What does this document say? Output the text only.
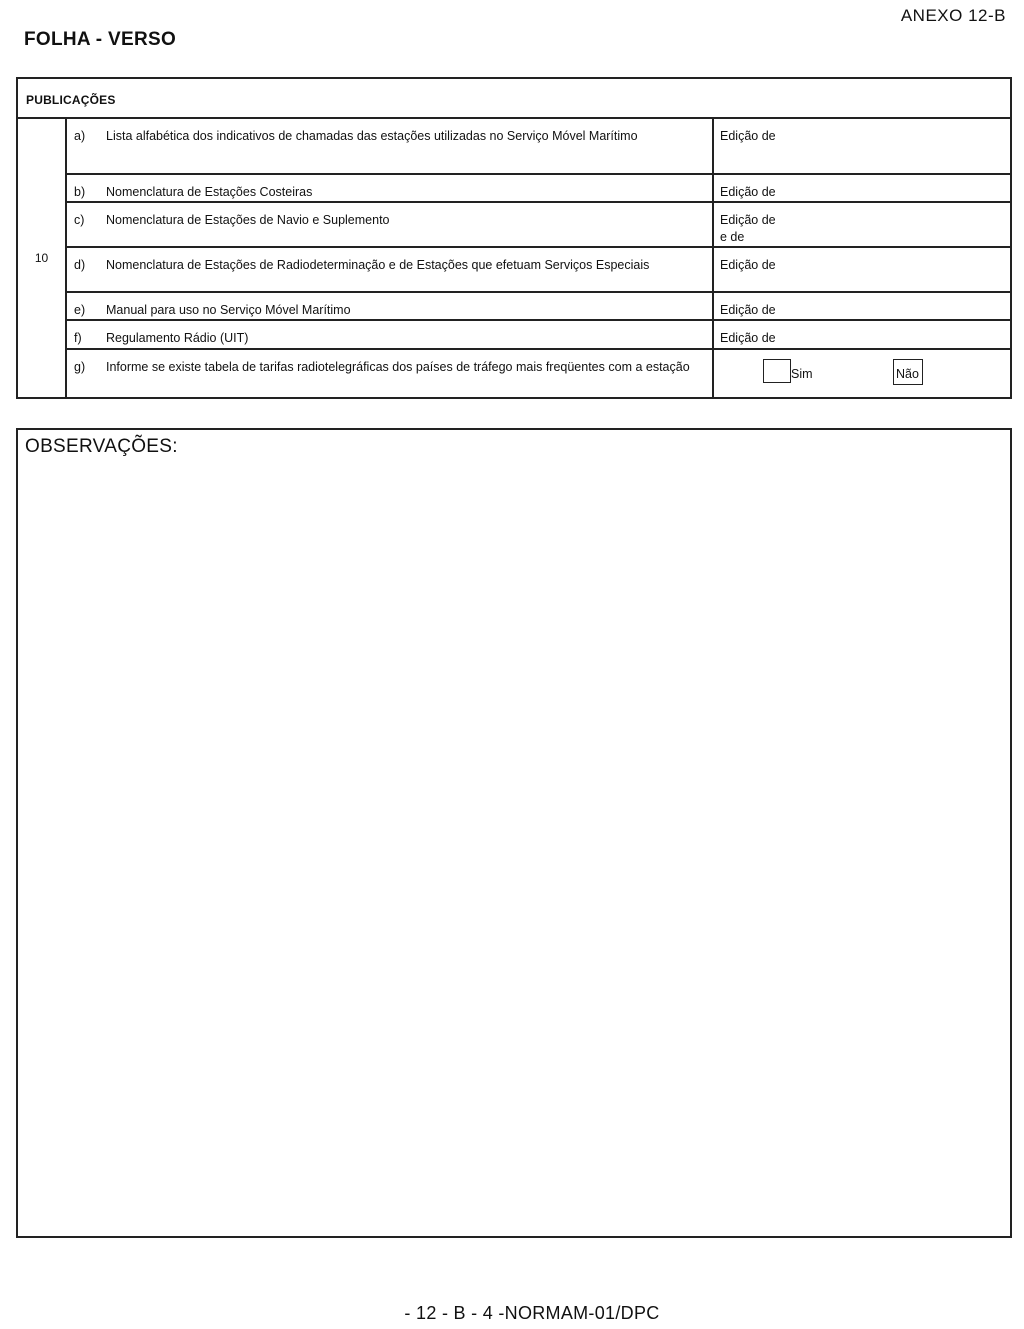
ANEXO 12-B
FOLHA - VERSO
PUBLICAÇÕES
10
a) Lista alfabética dos indicativos de chamadas das estações utilizadas no Serviço Móvel Marítimo	Edição de
b) Nomenclatura de Estações Costeiras	Edição de
c) Nomenclatura de Estações de Navio e Suplemento	Edição de
e de
d) Nomenclatura de Estações de Radiodeterminação e de Estações que efetuam Serviços Especiais	Edição de
e) Manual para uso no Serviço Móvel Marítimo	Edição de
f) Regulamento Rádio (UIT)	Edição de
g) Informe se existe tabela de tarifas radiotelegráficas dos países de tráfego mais freqüentes com a estação	Sim	Não
OBSERVAÇÕES:
- 12 - B - 4 -NORMAM-01/DPC
